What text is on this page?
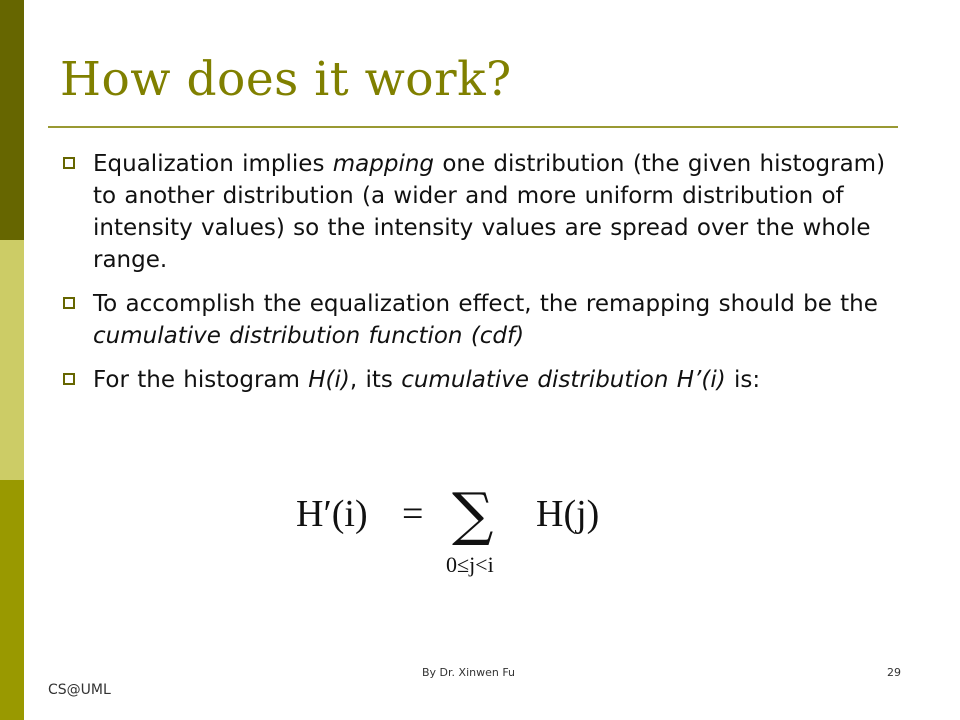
How does it work?
Equalization implies mapping one distribution (the given histogram) to another distribution (a wider and more uniform distribution of intensity values) so the intensity values are spread over the whole range.
To accomplish the equalization effect, the remapping should be the cumulative distribution function (cdf)
For the histogram H(i), its cumulative distribution H’(i) is:
H′(i) = ∑
0≤j<i
H(j)
CS@UML
By Dr. Xinwen Fu	29
